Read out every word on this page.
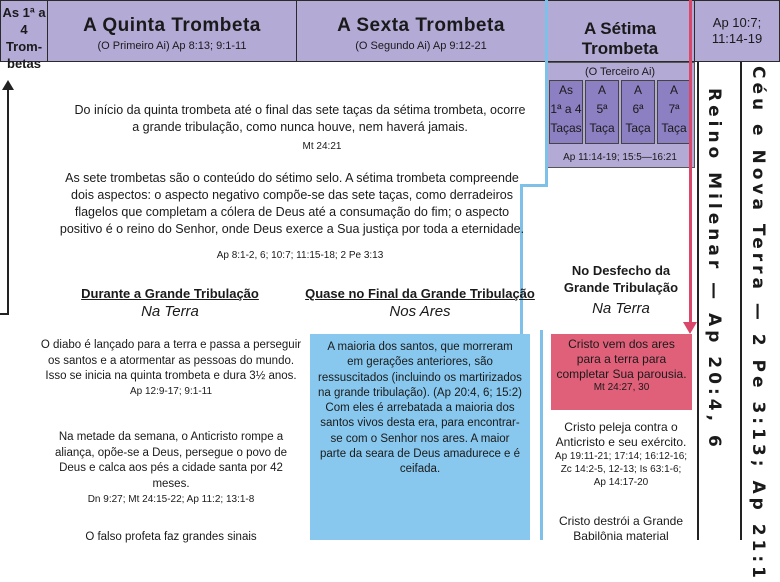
As 1ª a 4
Trom-
betas
A Quinta Trombeta
(O Primeiro Ai) Ap 8:13; 9:1-11
A Sexta Trombeta
(O Segundo Ai) Ap 9:12-21
A Sétima Trombeta
Ap 10:7;
11:14-19
(O Terceiro Ai)
As
1ª a 4
Taças
A
5ª
Taça
A
6ª
Taça
A
7ª
Taça
Ap 11:14-19; 15:5—16:21	Reino Milenar — Ap 20:4, 6 Céu e Nova Terra — 2 Pe 3:13; Ap 21:1
Do início da quinta trombeta até o final das sete taças da sétima trombeta, ocorre a grande tribulação, como nunca houve, nem haverá jamais.
Mt 24:21
As sete trombetas são o conteúdo do sétimo selo. A sétima trombeta compreende dois aspectos: o aspecto negativo compõe-se das sete taças, como derradeiros flagelos que completam a cólera de Deus até a consumação do fim; o aspecto positivo é o reino do Senhor, onde Deus exerce a Sua justiça por toda a eternidade.
Ap 8:1-2, 6; 10:7; 11:15-18; 2 Pe 3:13
Durante a Grande Tribulação
Na Terra
O diabo é lançado para a terra e passa a perseguir os santos e a atormentar as pessoas do mundo. Isso se inicia na quinta trombeta e dura 3½ anos.
Ap 12:9-17; 9:1-11
Na metade da semana, o Anticristo rompe a aliança, opõe-se a Deus, persegue o povo de Deus e calca aos pés a cidade santa por 42 meses.
Dn 9:27; Mt 24:15-22; Ap 11:2; 13:1-8
O falso profeta faz grandes sinais
Quase no Final da Grande Tribulação
Nos Ares
A maioria dos santos, que morreram em gerações anteriores, são ressuscitados (incluindo os martirizados na grande tribulação). (Ap 20:4, 6; 15:2) Com eles é arrebatada a maioria dos santos vivos desta era, para encontrar-se com o Senhor nos ares. A maior parte da seara de Deus amadurece e é ceifada.
No Desfecho da Grande Tribulação
Na Terra
Cristo vem dos ares para a terra para completar Sua parousia.
Mt 24:27, 30
Cristo peleja contra o Anticristo e seu exército.
Ap 19:11-21; 17:14; 16:12-16; Zc 14:2-5, 12-13; Is 63:1-6; Ap 14:17-20
Cristo destrói a Grande Babilônia material
